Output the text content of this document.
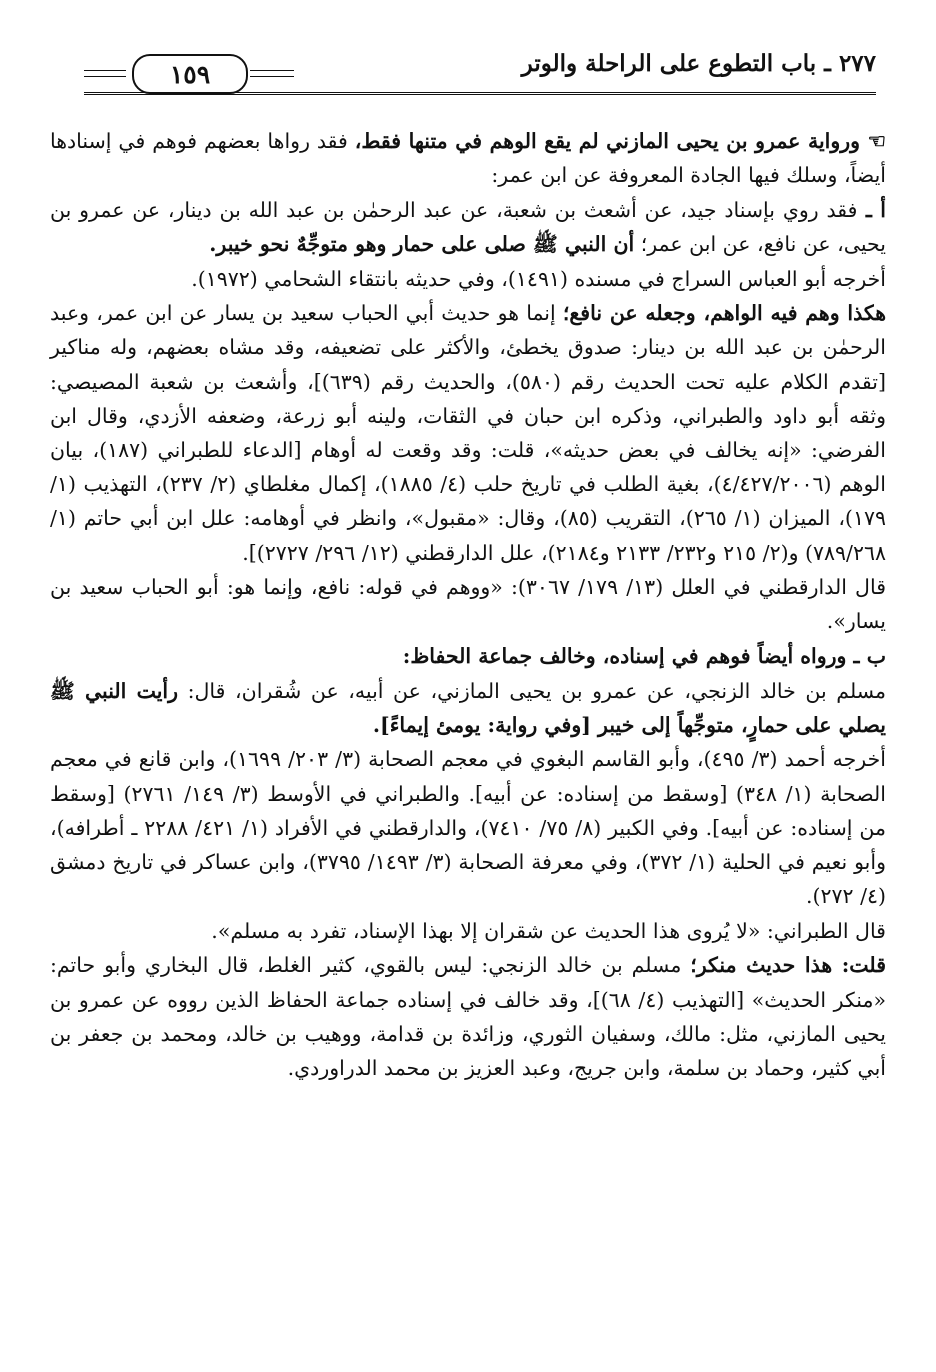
٢٧٧ ـ باب التطوع على الراحلة والوتر
١٥٩

☜ ورواية عمرو بن يحيى المازني لم يقع الوهم في متنها فقط، فقد رواها بعضهم فوهم في إسنادها أيضاً، وسلك فيها الجادة المعروفة عن ابن عمر:

أ ـ فقد روي بإسناد جيد، عن أشعث بن شعبة، عن عبد الرحمٰن بن عبد الله بن دينار، عن عمرو بن يحيى، عن نافع، عن ابن عمر؛ أن النبي ﷺ صلى على حمار وهو متوجِّهٌ نحو خيبر.

أخرجه أبو العباس السراج في مسنده (١٤٩١)، وفي حديثه بانتقاء الشحامي (١٩٧٢).

هكذا وهم فيه الواهم، وجعله عن نافع؛ إنما هو حديث أبي الحباب سعيد بن يسار عن ابن عمر، وعبد الرحمٰن بن عبد الله بن دينار: صدوق يخطئ، والأكثر على تضعيفه، وقد مشاه بعضهم، وله مناكير [تقدم الكلام عليه تحت الحديث رقم (٥٨٠)، والحديث رقم (٦٣٩)]، وأشعث بن شعبة المصيصي: وثقه أبو داود والطبراني، وذكره ابن حبان في الثقات، ولينه أبو زرعة، وضعفه الأزدي، وقال ابن الفرضي: «إنه يخالف في بعض حديثه»، قلت: وقد وقعت له أوهام [الدعاء للطبراني (١٨٧)، بيان الوهم (٤/٤٢٧/٢٠٠٦)، بغية الطلب في تاريخ حلب (٤/ ١٨٨٥)، إكمال مغلطاي (٢/ ٢٣٧)، التهذيب (١/ ١٧٩)، الميزان (١/ ٢٦٥)، التقريب (٨٥)، وقال: «مقبول»، وانظر في أوهامه: علل ابن أبي حاتم (١/ ٧٨٩/٢٦٨) و(٢/ ٢١٥ و٢٣٢/ ٢١٣٣ و٢١٨٤)، علل الدارقطني (١٢/ ٢٩٦/ ٢٧٢٧)].

قال الدارقطني في العلل (١٣/ ١٧٩/ ٣٠٦٧): «ووهم في قوله: نافع، وإنما هو: أبو الحباب سعيد بن يسار».

ب ـ ورواه أيضاً فوهم في إسناده، وخالف جماعة الحفاظ:

مسلم بن خالد الزنجي، عن عمرو بن يحيى المازني، عن أبيه، عن شُقران، قال: رأيت النبي ﷺ يصلي على حمارٍ، متوجِّهاً إلى خيبر [وفي رواية: يومئ إيماءً].

أخرجه أحمد (٣/ ٤٩٥)، وأبو القاسم البغوي في معجم الصحابة (٣/ ٢٠٣/ ١٦٩٩)، وابن قانع في معجم الصحابة (١/ ٣٤٨) [وسقط من إسناده: عن أبيه]. والطبراني في الأوسط (٣/ ١٤٩/ ٢٧٦١) [وسقط من إسناده: عن أبيه]. وفي الكبير (٨/ ٧٥/ ٧٤١٠)، والدارقطني في الأفراد (١/ ٤٢١/ ٢٢٨٨ ـ أطرافه)، وأبو نعيم في الحلية (١/ ٣٧٢)، وفي معرفة الصحابة (٣/ ١٤٩٣/ ٣٧٩٥)، وابن عساكر في تاريخ دمشق (٤/ ٢٧٢).

قال الطبراني: «لا يُروى هذا الحديث عن شقران إلا بهذا الإسناد، تفرد به مسلم».

قلت: هذا حديث منكر؛ مسلم بن خالد الزنجي: ليس بالقوي، كثير الغلط، قال البخاري وأبو حاتم: «منكر الحديث» [التهذيب (٤/ ٦٨)]، وقد خالف في إسناده جماعة الحفاظ الذين رووه عن عمرو بن يحيى المازني، مثل: مالك، وسفيان الثوري، وزائدة بن قدامة، ووهيب بن خالد، ومحمد بن جعفر بن أبي كثير، وحماد بن سلمة، وابن جريج، وعبد العزيز بن محمد الدراوردي.
